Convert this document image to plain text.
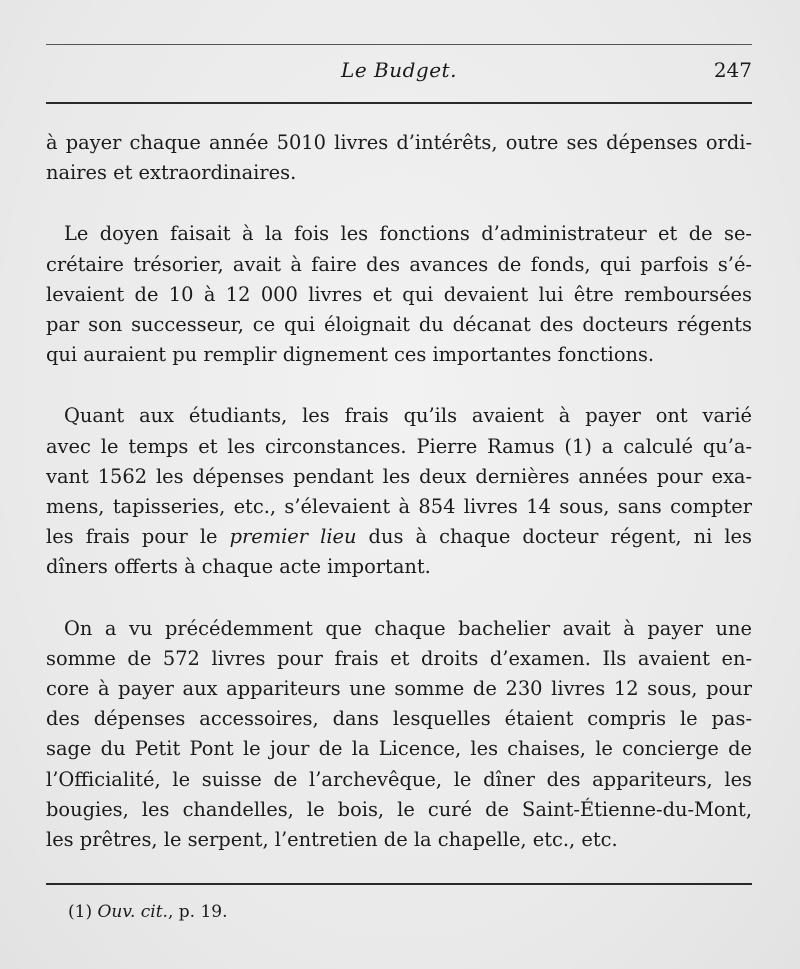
Le Budget.	247

à payer chaque année 5010 livres d’intérêts, outre ses dépenses ordi-
naires et extraordinaires.

Le doyen faisait à la fois les fonctions d’administrateur et de se-
crétaire trésorier, avait à faire des avances de fonds, qui parfois s’é-
levaient de 10 à 12 000 livres et qui devaient lui être remboursées
par son successeur, ce qui éloignait du décanat des docteurs régents
qui auraient pu remplir dignement ces importantes fonctions.

Quant aux étudiants, les frais qu’ils avaient à payer ont varié
avec le temps et les circonstances. Pierre Ramus (1) a calculé qu’a-
vant 1562 les dépenses pendant les deux dernières années pour exa-
mens, tapisseries, etc., s’élevaient à 854 livres 14 sous, sans compter
les frais pour le premier lieu dus à chaque docteur régent, ni les
dîners offerts à chaque acte important.

On a vu précédemment que chaque bachelier avait à payer une
somme de 572 livres pour frais et droits d’examen. Ils avaient en-
core à payer aux appariteurs une somme de 230 livres 12 sous, pour
des dépenses accessoires, dans lesquelles étaient compris le pas-
sage du Petit Pont le jour de la Licence, les chaises, le concierge de
l’Officialité, le suisse de l’archevêque, le dîner des appariteurs, les
bougies, les chandelles, le bois, le curé de Saint-Étienne-du-Mont,
les prêtres, le serpent, l’entretien de la chapelle, etc., etc.

(1) Ouv. cit., p. 19.
